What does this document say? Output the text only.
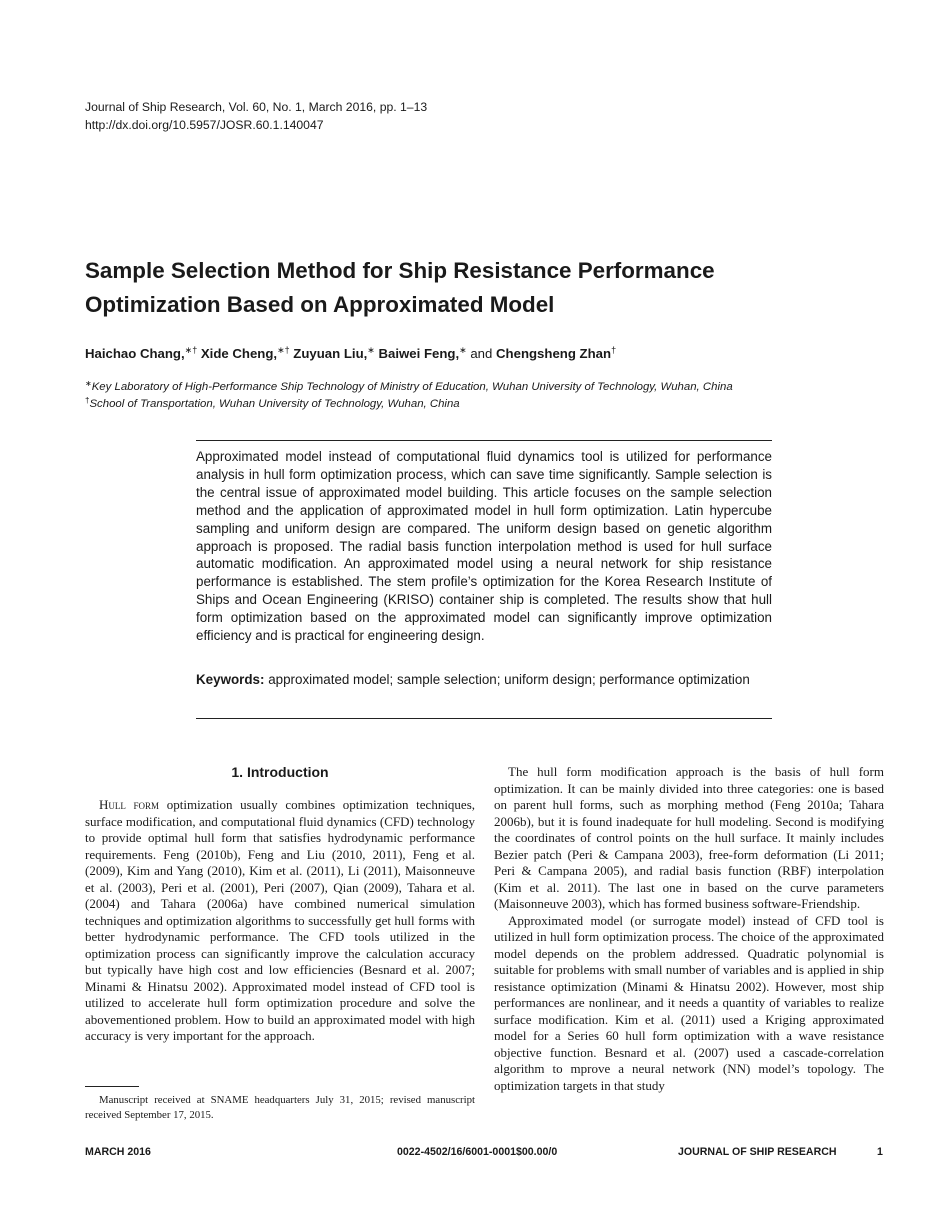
Journal of Ship Research, Vol. 60, No. 1, March 2016, pp. 1–13
http://dx.doi.org/10.5957/JOSR.60.1.140047
Sample Selection Method for Ship Resistance Performance
Optimization Based on Approximated Model
Haichao Chang,∗† Xide Cheng,∗† Zuyuan Liu,∗ Baiwei Feng,∗ and Chengsheng Zhan†
∗Key Laboratory of High-Performance Ship Technology of Ministry of Education, Wuhan University of Technology, Wuhan, China
†School of Transportation, Wuhan University of Technology, Wuhan, China

Approximated model instead of computational fluid dynamics tool is utilized for performance analysis in hull form optimization process, which can save time significantly. Sample selection is the central issue of approximated model building. This article focuses on the sample selection method and the application of approximated model in hull form optimization. Latin hypercube sampling and uniform design are compared. The uniform design based on genetic algorithm approach is proposed. The radial basis function interpolation method is used for hull surface automatic modification. An approximated model using a neural network for ship resistance performance is established. The stem profile’s optimization for the Korea Research Institute of Ships and Ocean Engineering (KRISO) container ship is completed. The results show that hull form optimization based on the approximated model can significantly improve optimization efficiency and is practical for engineering design.

Keywords: approximated model; sample selection; uniform design; performance optimization

1. Introduction

Hull form optimization usually combines optimization techniques, surface modification, and computational fluid dynamics (CFD) technology to provide optimal hull form that satisfies hydrodynamic performance requirements. Feng (2010b), Feng and Liu (2010, 2011), Feng et al. (2009), Kim and Yang (2010), Kim et al. (2011), Li (2011), Maisonneuve et al. (2003), Peri et al. (2001), Peri (2007), Qian (2009), Tahara et al. (2004) and Tahara (2006a) have combined numerical simulation techniques and optimization algorithms to successfully get hull forms with better hydrodynamic performance. The CFD tools utilized in the optimization process can significantly improve the calculation accuracy but typically have high cost and low efficiencies (Besnard et al. 2007; Minami & Hinatsu 2002). Approximated model instead of CFD tool is utilized to accelerate hull form optimization procedure and solve the abovementioned problem. How to build an approximated model with high accuracy is very important for the approach.

The hull form modification approach is the basis of hull form optimization. It can be mainly divided into three categories: one is based on parent hull forms, such as morphing method (Feng 2010a; Tahara 2006b), but it is found inadequate for hull modeling. Second is modifying the coordinates of control points on the hull surface. It mainly includes Bezier patch (Peri & Campana 2003), free-form deformation (Li 2011; Peri & Campana 2005), and radial basis function (RBF) interpolation (Kim et al. 2011). The last one in based on the curve parameters (Maisonneuve 2003), which has formed business software-Friendship.

Approximated model (or surrogate model) instead of CFD tool is utilized in hull form optimization process. The choice of the approximated model depends on the problem addressed. Quadratic polynomial is suitable for problems with small number of variables and is applied in ship resistance optimization (Minami & Hinatsu 2002). However, most ship performances are nonlinear, and it needs a quantity of variables to realize surface modification. Kim et al. (2011) used a Kriging approximated model for a Series 60 hull form optimization with a wave resistance objective function. Besnard et al. (2007) used a cascade-correlation algorithm to mprove a neural network (NN) model’s topology. The optimization targets in that study

Manuscript received at SNAME headquarters July 31, 2015; revised manuscript received September 17, 2015.

MARCH 2016	0022-4502/16/6001-0001$00.00/0	JOURNAL OF SHIP RESEARCH	1
